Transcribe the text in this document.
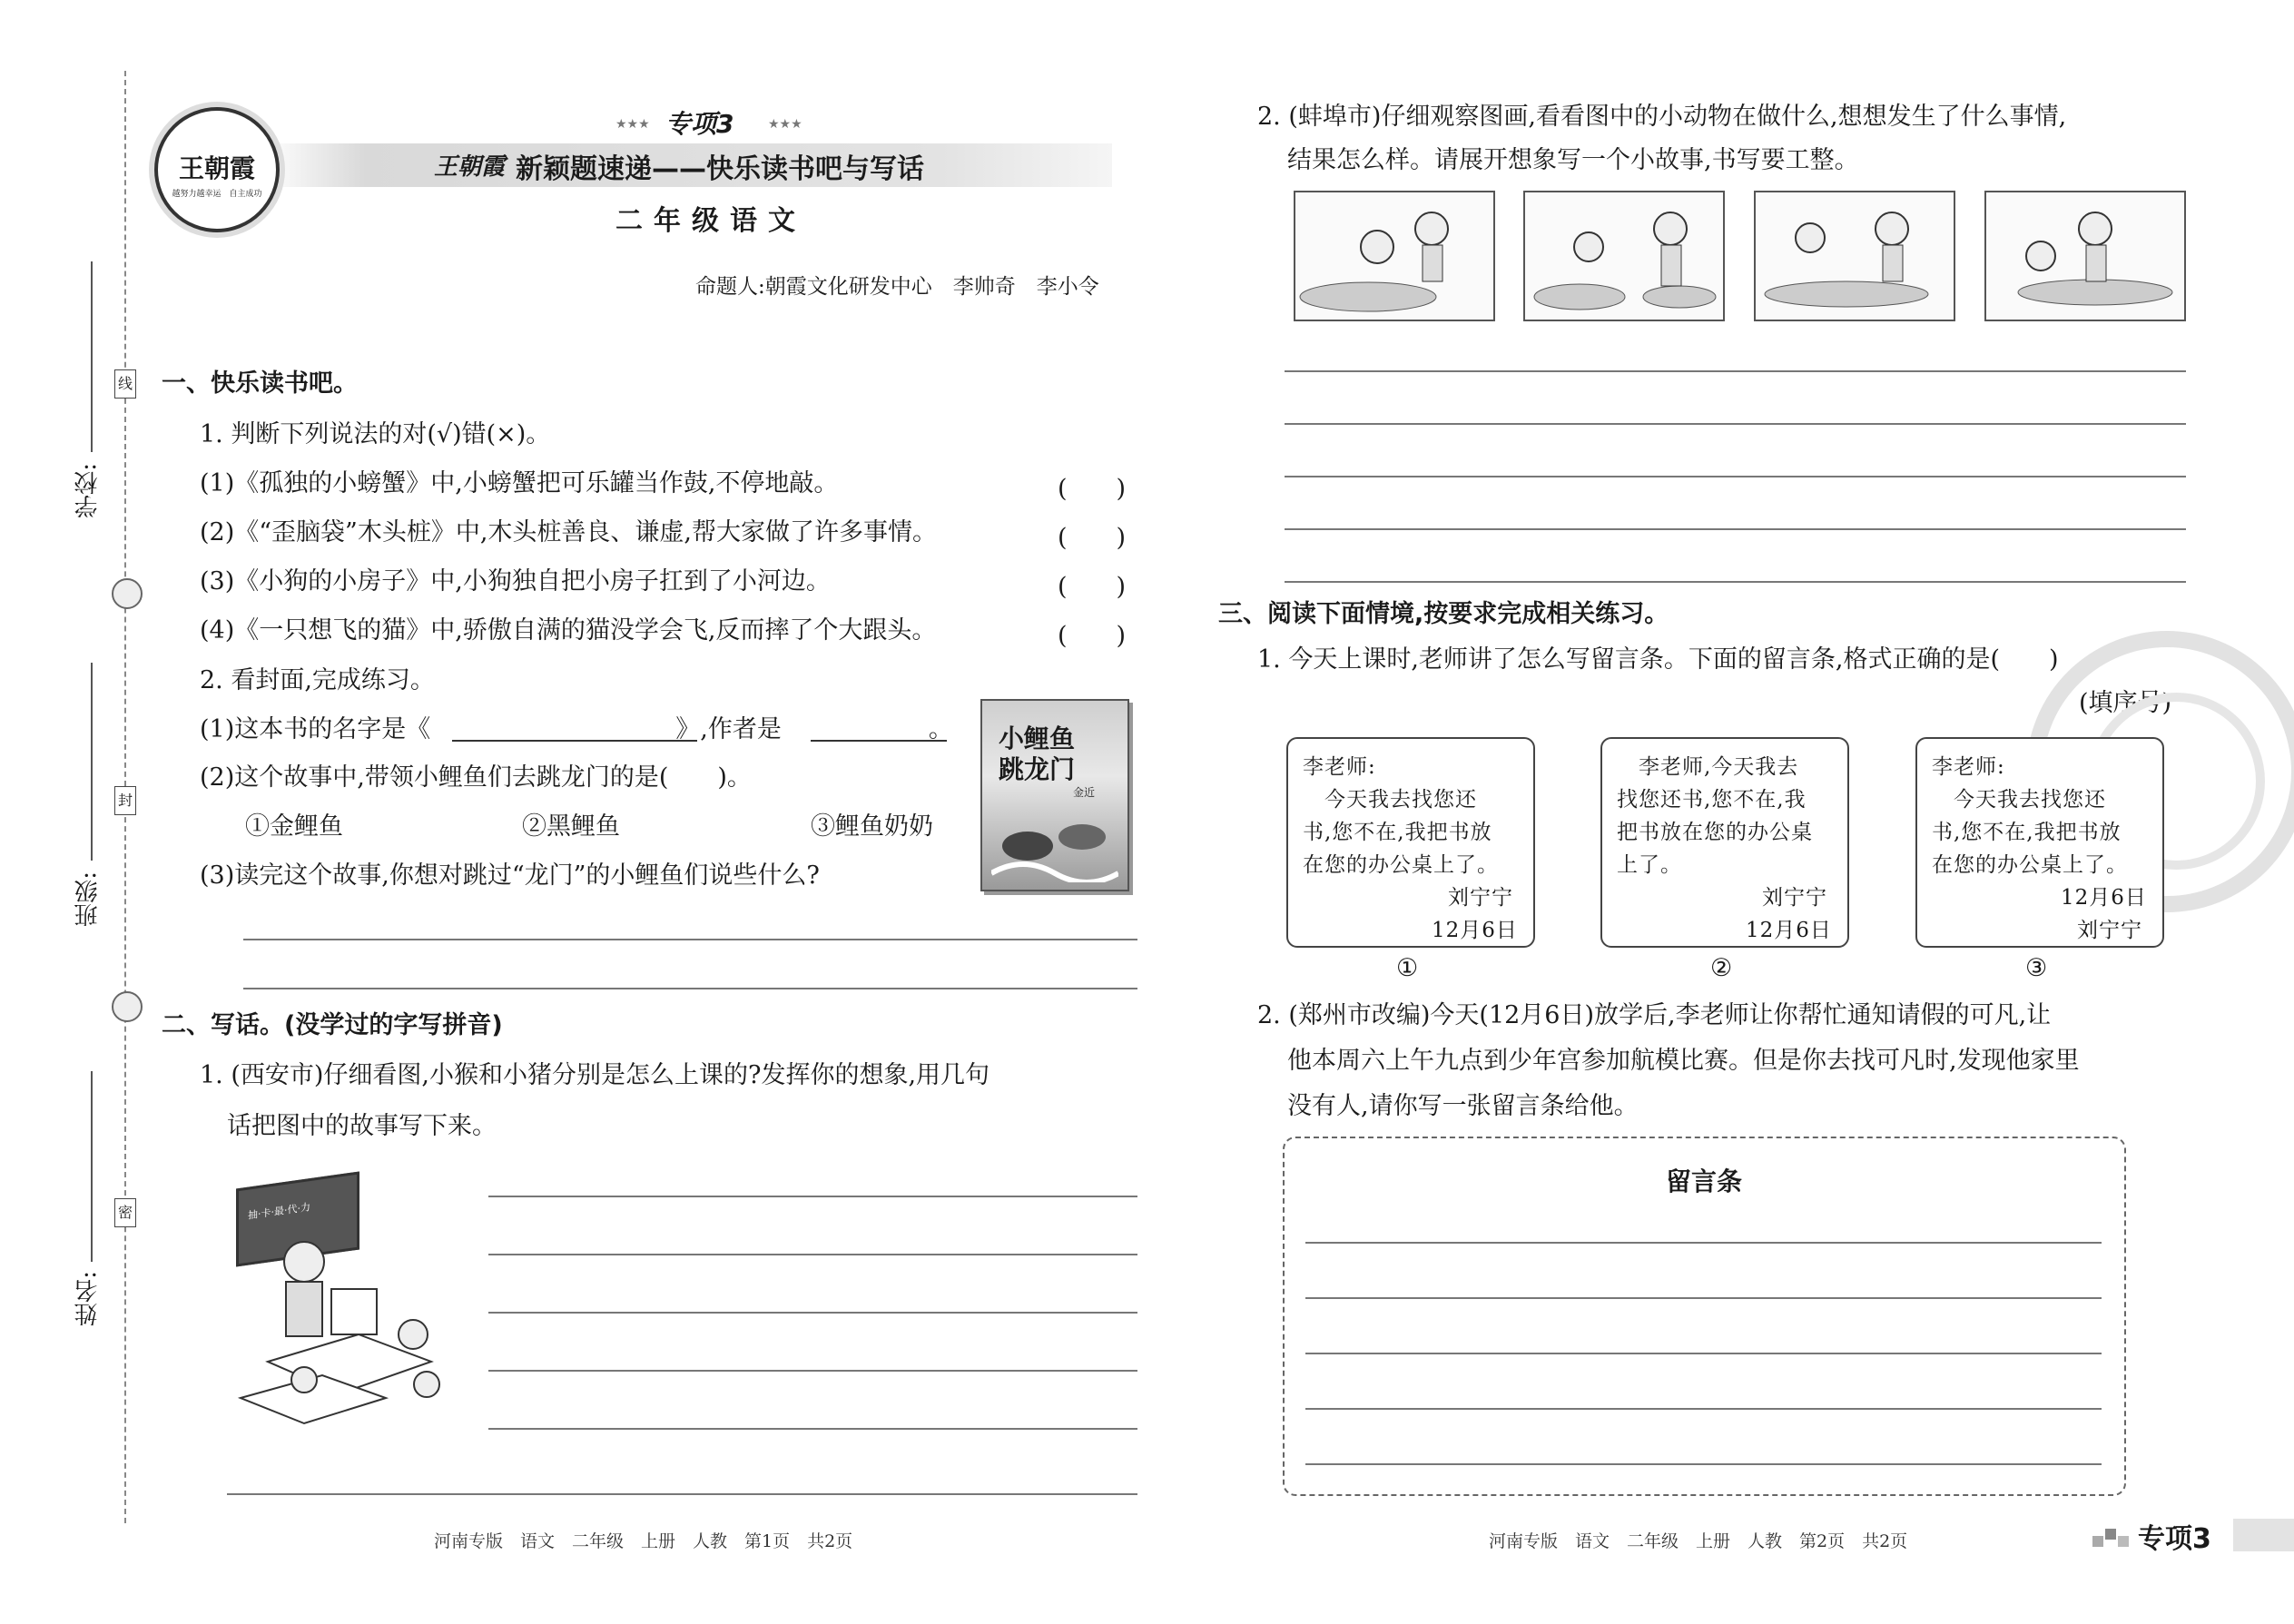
学校:
班级:
姓名:
线
封
密
王朝霞
越努力越幸运　自主成功
★★★ 专项3	★★★
王朝霞 新颖题速递——快乐读书吧与写话
二年级语文
命题人:朝霞文化研发中心　李帅奇　李小令
一、快乐读书吧。
1. 判断下列说法的对(√)错(×)。
(1)《孤独的小螃蟹》中,小螃蟹把可乐罐当作鼓,不停地敲。	(　　)
(2)《“歪脑袋”木头桩》中,木头桩善良、谦虚,帮大家做了许多事情。	(　　)
(3)《小狗的小房子》中,小狗独自把小房子扛到了小河边。	(　　)
(4)《一只想飞的猫》中,骄傲自满的猫没学会飞,反而摔了个大跟头。	(　　)
2. 看封面,完成练习。
(1)这本书的名字是《　　　　　　　　　　》,作者是　　　　　　。
(2)这个故事中,带领小鲤鱼们去跳龙门的是(　　)。
①金鲤鱼	②黑鲤鱼	③鲤鱼奶奶
(3)读完这个故事,你想对跳过“龙门”的小鲤鱼们说些什么?
小鲤鱼
跳龙门
金近
二、写话。(没学过的字写拼音)
1. (西安市)仔细看图,小猴和小猪分别是怎么上课的?发挥你的想象,用几句
话把图中的故事写下来。
抽·卡·最·代·力
河南专版　语文　二年级　上册　人教　第1页　共2页
2. (蚌埠市)仔细观察图画,看看图中的小动物在做什么,想想发生了什么事情,
结果怎么样。请展开想象写一个小故事,书写要工整。
三、阅读下面情境,按要求完成相关练习。
1. 今天上课时,老师讲了怎么写留言条。下面的留言条,格式正确的是(　　)
(填序号)
李老师:
　今天我去找您还
书,您不在,我把书放
在您的办公桌上了。
刘宁宁
12月6日
①
　李老师,今天我去
找您还书,您不在,我
把书放在您的办公桌
上了。
刘宁宁
12月6日
②
李老师:
　今天我去找您还
书,您不在,我把书放
在您的办公桌上了。
12月6日
刘宁宁
③
2. (郑州市改编)今天(12月6日)放学后,李老师让你帮忙通知请假的可凡,让
他本周六上午九点到少年宫参加航模比赛。但是你去找可凡时,发现他家里
没有人,请你写一张留言条给他。
留言条
河南专版　语文　二年级　上册　人教　第2页　共2页	专项3
